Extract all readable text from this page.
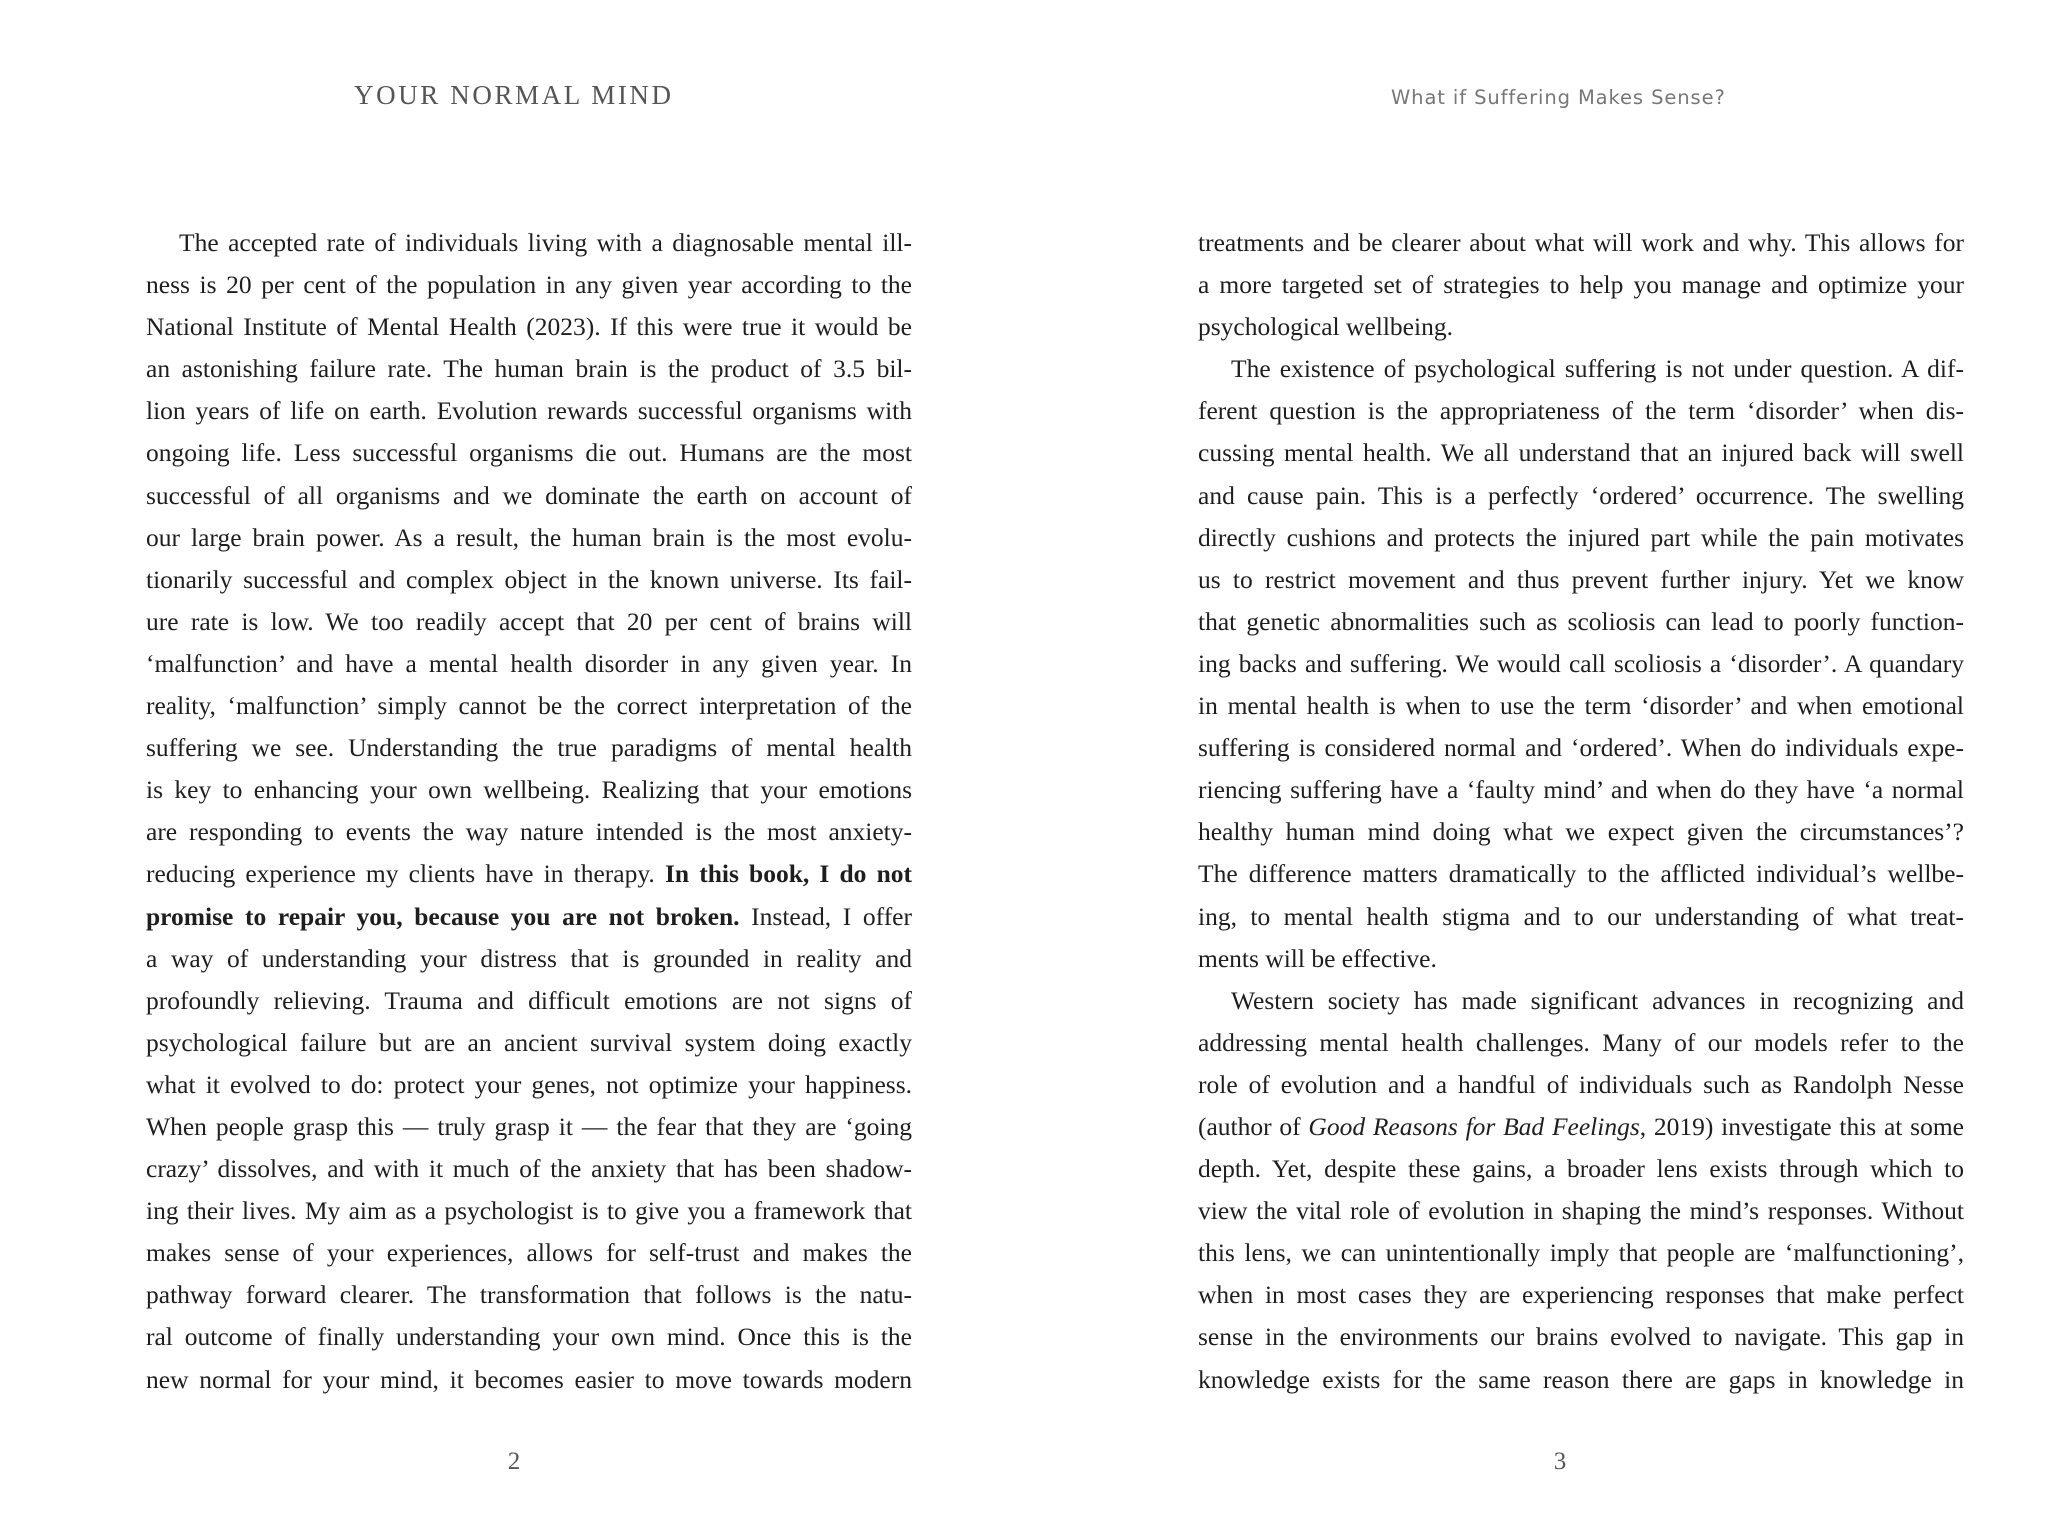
YOUR NORMAL MIND
The accepted rate of individuals living with a diagnosable mental ill-
ness is 20 per cent of the population in any given year according to the
National Institute of Mental Health (2023). If this were true it would be
an astonishing failure rate. The human brain is the product of 3.5 bil-
lion years of life on earth. Evolution rewards successful organisms with
ongoing life. Less successful organisms die out. Humans are the most
successful of all organisms and we dominate the earth on account of
our large brain power. As a result, the human brain is the most evolu-
tionarily successful and complex object in the known universe. Its fail-
ure rate is low. We too readily accept that 20 per cent of brains will
‘malfunction’ and have a mental health disorder in any given year. In
reality, ‘malfunction’ simply cannot be the correct interpretation of the
suffering we see. Understanding the true paradigms of mental health
is key to enhancing your own wellbeing. Realizing that your emotions
are responding to events the way nature intended is the most anxiety-
reducing experience my clients have in therapy. In this book, I do not
promise to repair you, because you are not broken. Instead, I offer
a way of understanding your distress that is grounded in reality and
profoundly relieving. Trauma and difficult emotions are not signs of
psychological failure but are an ancient survival system doing exactly
what it evolved to do: protect your genes, not optimize your happiness.
When people grasp this — truly grasp it — the fear that they are ‘going
crazy’ dissolves, and with it much of the anxiety that has been shadow-
ing their lives. My aim as a psychologist is to give you a framework that
makes sense of your experiences, allows for self-trust and makes the
pathway forward clearer. The transformation that follows is the natu-
ral outcome of finally understanding your own mind. Once this is the
new normal for your mind, it becomes easier to move towards modern
2
What if Suffering Makes Sense?
treatments and be clearer about what will work and why. This allows for
a more targeted set of strategies to help you manage and optimize your
psychological wellbeing.
The existence of psychological suffering is not under question. A dif-
ferent question is the appropriateness of the term ‘disorder’ when dis-
cussing mental health. We all understand that an injured back will swell
and cause pain. This is a perfectly ‘ordered’ occurrence. The swelling
directly cushions and protects the injured part while the pain motivates
us to restrict movement and thus prevent further injury. Yet we know
that genetic abnormalities such as scoliosis can lead to poorly function-
ing backs and suffering. We would call scoliosis a ‘disorder’. A quandary
in mental health is when to use the term ‘disorder’ and when emotional
suffering is considered normal and ‘ordered’. When do individuals expe-
riencing suffering have a ‘faulty mind’ and when do they have ‘a normal
healthy human mind doing what we expect given the circumstances’?
The difference matters dramatically to the afflicted individual’s wellbe-
ing, to mental health stigma and to our understanding of what treat-
ments will be effective.
Western society has made significant advances in recognizing and
addressing mental health challenges. Many of our models refer to the
role of evolution and a handful of individuals such as Randolph Nesse
(author of Good Reasons for Bad Feelings, 2019) investigate this at some
depth. Yet, despite these gains, a broader lens exists through which to
view the vital role of evolution in shaping the mind’s responses. Without
this lens, we can unintentionally imply that people are ‘malfunctioning’,
when in most cases they are experiencing responses that make perfect
sense in the environments our brains evolved to navigate. This gap in
knowledge exists for the same reason there are gaps in knowledge in
3
